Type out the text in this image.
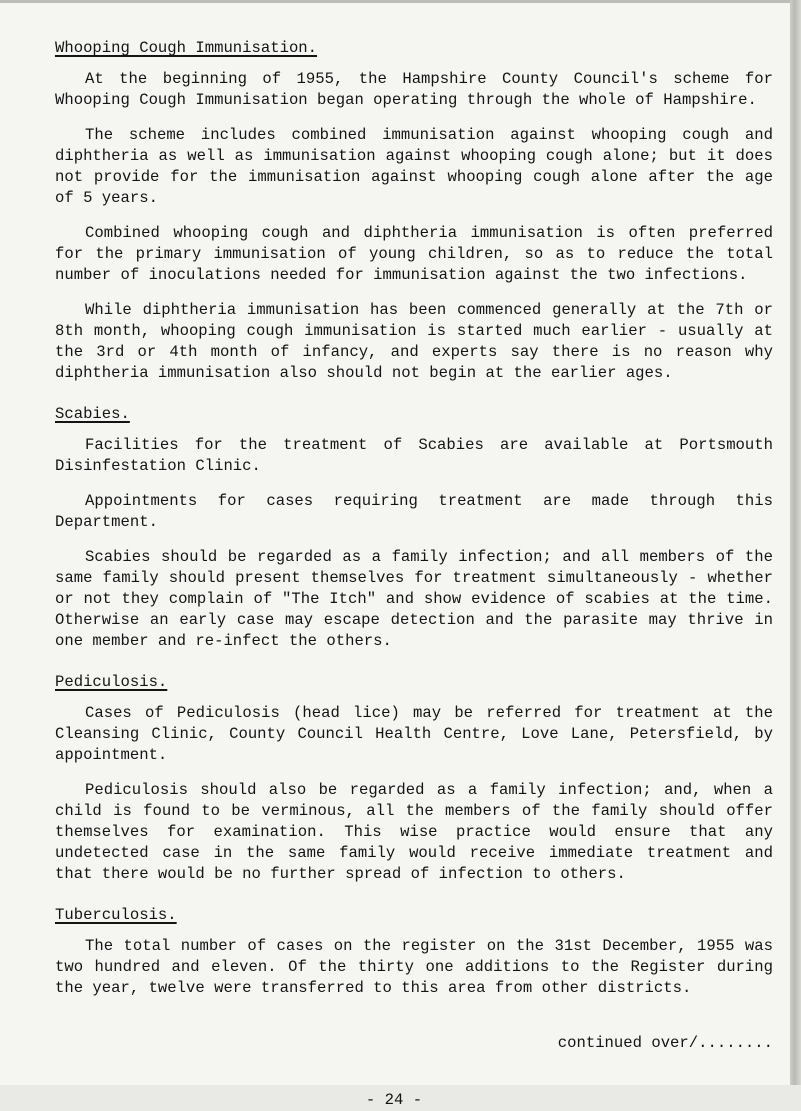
Whooping Cough Immunisation.

At the beginning of 1955, the Hampshire County Council's scheme for Whooping Cough Immunisation began operating through the whole of Hampshire.

The scheme includes combined immunisation against whooping cough and diphtheria as well as immunisation against whooping cough alone; but it does not provide for the immunisation against whooping cough alone after the age of 5 years.

Combined whooping cough and diphtheria immunisation is often preferred for the primary immunisation of young children, so as to reduce the total number of inoculations needed for immunisation against the two infections.

While diphtheria immunisation has been commenced generally at the 7th or 8th month, whooping cough immunisation is started much earlier - usually at the 3rd or 4th month of infancy, and experts say there is no reason why diphtheria immunisation also should not begin at the earlier ages.

Scabies.

Facilities for the treatment of Scabies are available at Portsmouth Disinfestation Clinic.

Appointments for cases requiring treatment are made through this Department.

Scabies should be regarded as a family infection; and all members of the same family should present themselves for treatment simultaneously - whether or not they complain of "The Itch" and show evidence of scabies at the time. Otherwise an early case may escape detection and the parasite may thrive in one member and re-infect the others.

Pediculosis.

Cases of Pediculosis (head lice) may be referred for treatment at the Cleansing Clinic, County Council Health Centre, Love Lane, Petersfield, by appointment.

Pediculosis should also be regarded as a family infection; and, when a child is found to be verminous, all the members of the family should offer themselves for examination. This wise practice would ensure that any undetected case in the same family would receive immediate treatment and that there would be no further spread of infection to others.

Tuberculosis.

The total number of cases on the register on the 31st December, 1955 was two hundred and eleven. Of the thirty one additions to the Register during the year, twelve were transferred to this area from other districts.

continued over/........
- 24 -
